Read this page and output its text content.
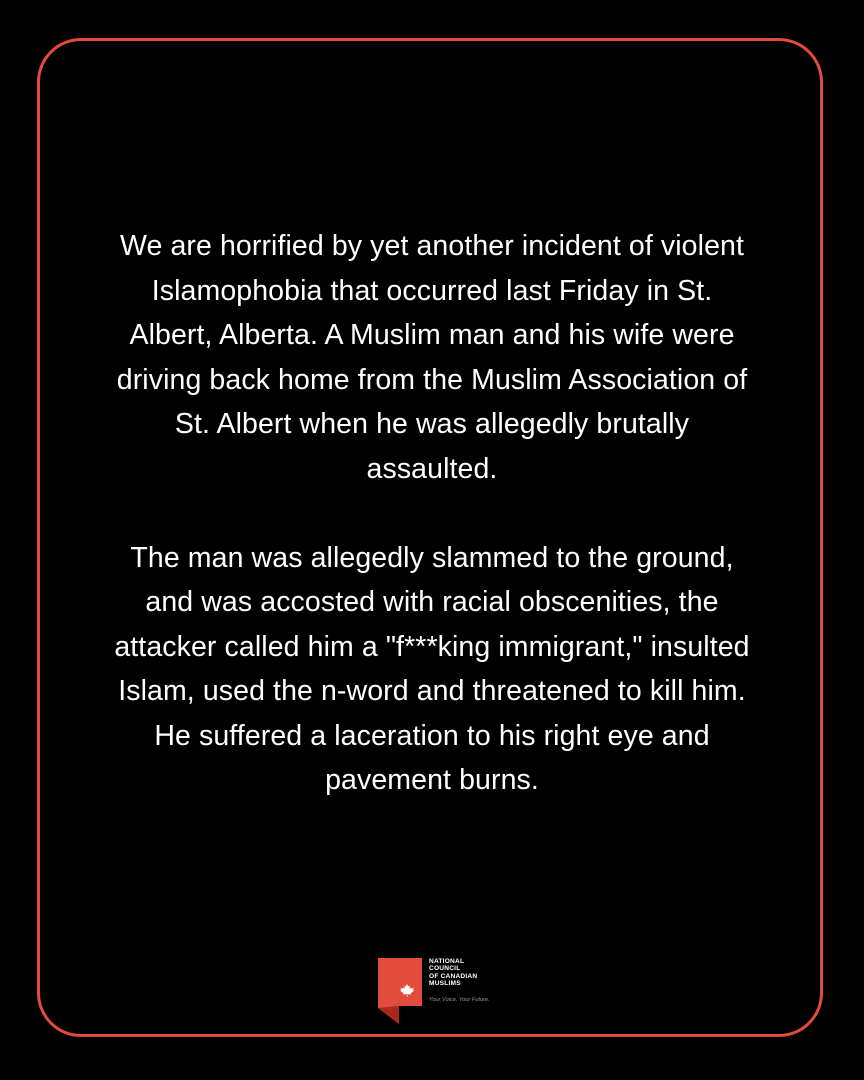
We are horrified by yet another incident of violent
Islamophobia that occurred last Friday in St.
Albert, Alberta. A Muslim man and his wife were
driving back home from the Muslim Association of
St. Albert when he was allegedly brutally
assaulted.

The man was allegedly slammed to the ground,
and was accosted with racial obscenities, the
attacker called him a "f***king immigrant," insulted
Islam, used the n-word and threatened to kill him.
He suffered a laceration to his right eye and
pavement burns.

NATIONAL
COUNCIL
OF CANADIAN
MUSLIMS
Your Voice. Your Future.
